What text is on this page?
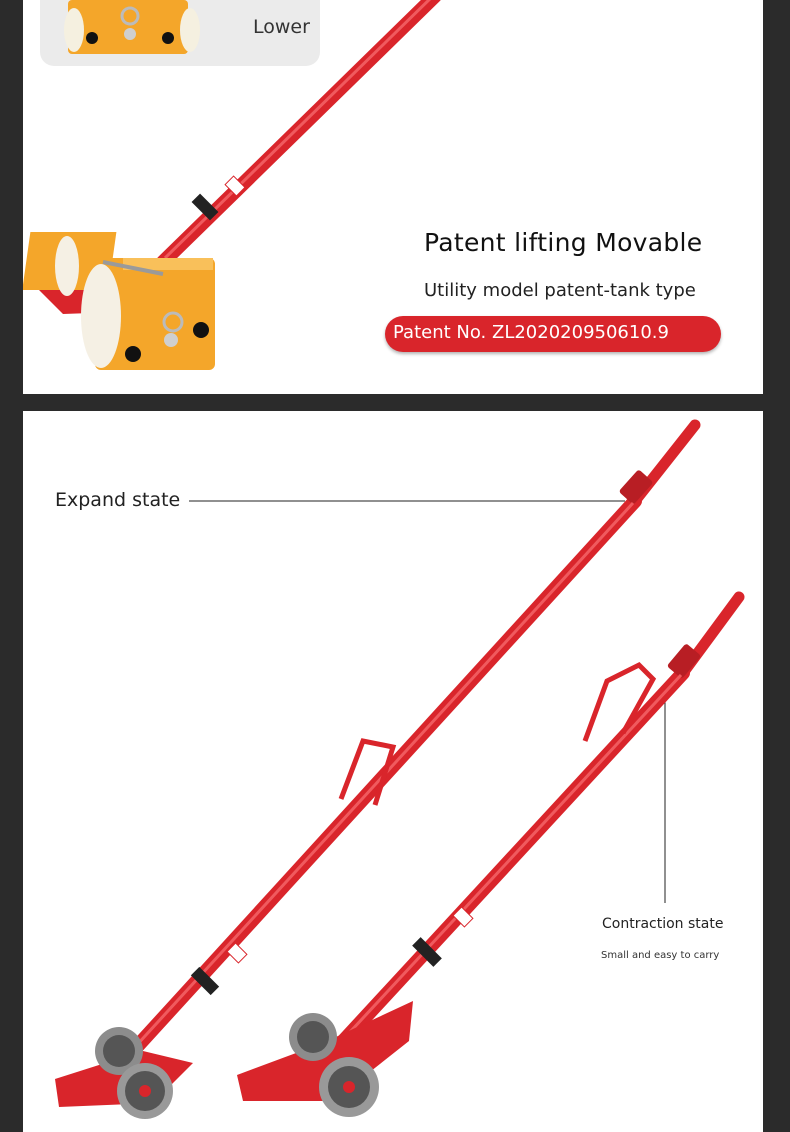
Lower
Patent lifting Movable
Utility model patent-tank type
Patent No. ZL202020950610.9
Expand state
Contraction state
Small and easy to carry
